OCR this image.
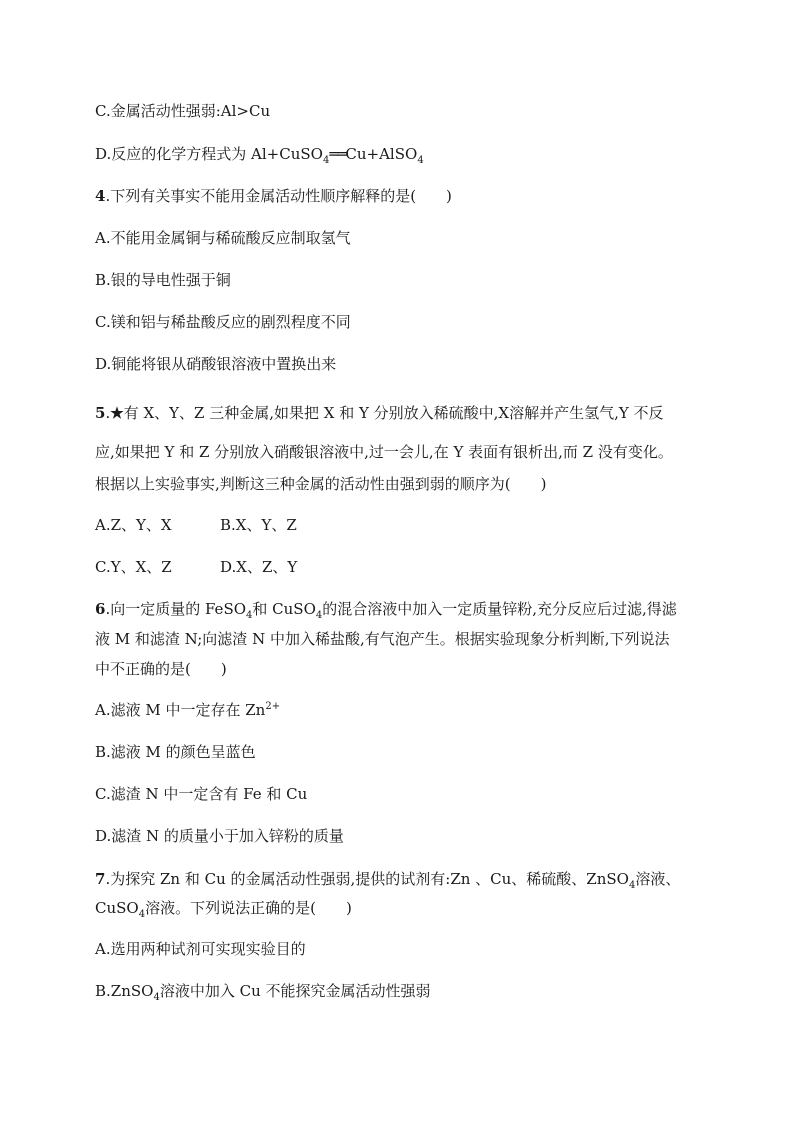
C.金属活动性强弱:Al>Cu
D.反应的化学方程式为 Al+CuSO$_4$══Cu+AlSO$_4$
4.下列有关事实不能用金属活动性顺序解释的是(　　)
A.不能用金属铜与稀硫酸反应制取氢气
B.银的导电性强于铜
C.镁和铝与稀盐酸反应的剧烈程度不同
D.铜能将银从硝酸银溶液中置换出来
5.★有 X、Y、Z 三种金属,如果把 X 和 Y 分别放入稀硫酸中,X溶解并产生氢气,Y 不反
应,如果把 Y 和 Z 分别放入硝酸银溶液中,过一会儿,在 Y 表面有银析出,而 Z 没有变化。
根据以上实验事实,判断这三种金属的活动性由强到弱的顺序为(　　)
A.Z、Y、X	B.X、Y、Z
C.Y、X、Z	D.X、Z、Y
6.向一定质量的 FeSO$_4$和 CuSO$_4$的混合溶液中加入一定质量锌粉,充分反应后过滤,得滤
液 M 和滤渣 N;向滤渣 N 中加入稀盐酸,有气泡产生。根据实验现象分析判断,下列说法
中不正确的是(　　)
A.滤液 M 中一定存在 $Zn^{2+}$
B.滤液 M 的颜色呈蓝色
C.滤渣 N 中一定含有 Fe 和 Cu
D.滤渣 N 的质量小于加入锌粉的质量
7.为探究 Zn 和 Cu 的金属活动性强弱,提供的试剂有:Zn 、Cu、稀硫酸、ZnSO$_4$溶液、
CuSO$_4$溶液。下列说法正确的是(　　)
A.选用两种试剂可实现实验目的
B.ZnSO$_4$溶液中加入 Cu 不能探究金属活动性强弱
